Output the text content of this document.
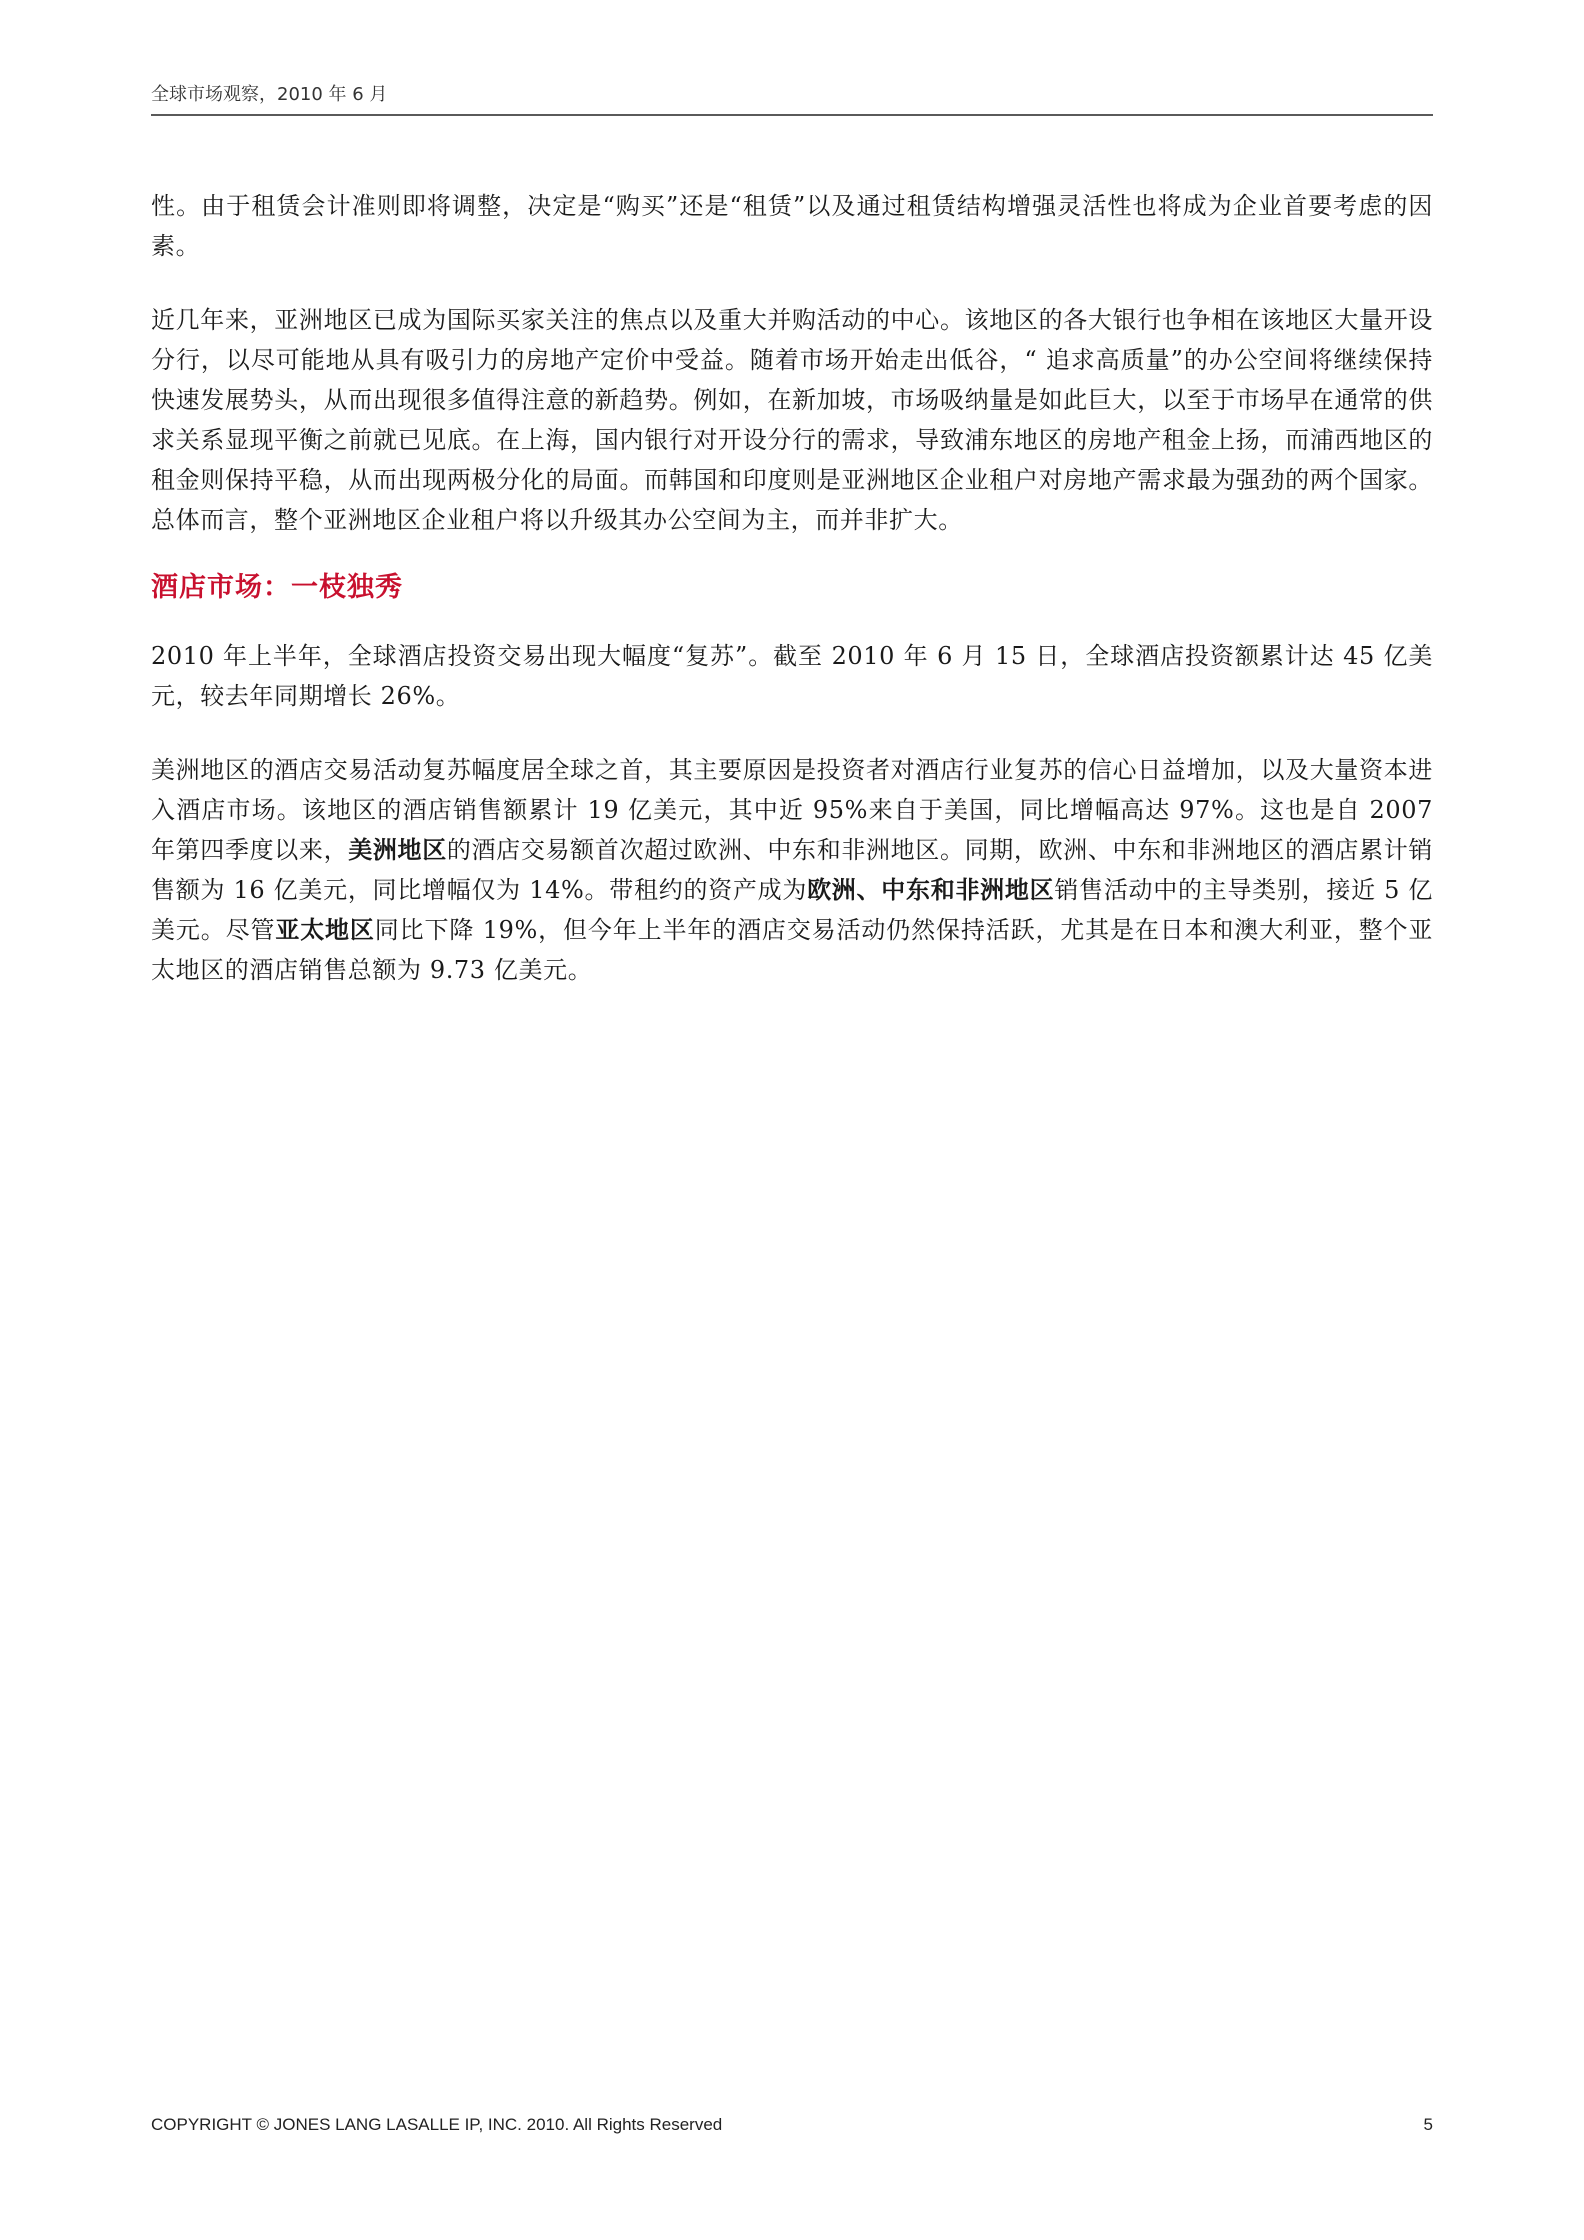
全球市场观察，2010 年 6 月

性。由于租赁会计准则即将调整，决定是“购买”还是“租赁”以及通过租赁结构增强灵活性也将成为企业首要考虑的因素。

近几年来，亚洲地区已成为国际买家关注的焦点以及重大并购活动的中心。该地区的各大银行也争相在该地区大量开设分行，以尽可能地从具有吸引力的房地产定价中受益。随着市场开始走出低谷，“ 追求高质量”的办公空间将继续保持快速发展势头，从而出现很多值得注意的新趋势。例如，在新加坡，市场吸纳量是如此巨大，以至于市场早在通常的供求关系显现平衡之前就已见底。在上海，国内银行对开设分行的需求，导致浦东地区的房地产租金上扬，而浦西地区的租金则保持平稳，从而出现两极分化的局面。而韩国和印度则是亚洲地区企业租户对房地产需求最为强劲的两个国家。总体而言，整个亚洲地区企业租户将以升级其办公空间为主，而并非扩大。

酒店市场：一枝独秀

2010 年上半年，全球酒店投资交易出现大幅度“复苏”。截至 2010 年 6 月 15 日，全球酒店投资额累计达 45 亿美元，较去年同期增长 26%。

美洲地区的酒店交易活动复苏幅度居全球之首，其主要原因是投资者对酒店行业复苏的信心日益增加，以及大量资本进入酒店市场。该地区的酒店销售额累计 19 亿美元，其中近 95%来自于美国，同比增幅高达 97%。这也是自 2007 年第四季度以来，美洲地区的酒店交易额首次超过欧洲、中东和非洲地区。同期，欧洲、中东和非洲地区的酒店累计销售额为 16 亿美元，同比增幅仅为 14%。带租约的资产成为欧洲、中东和非洲地区销售活动中的主导类别，接近 5 亿美元。尽管亚太地区同比下降 19%，但今年上半年的酒店交易活动仍然保持活跃，尤其是在日本和澳大利亚，整个亚太地区的酒店销售总额为 9.73 亿美元。

COPYRIGHT © JONES LANG LASALLE IP, INC. 2010. All Rights Reserved	5
